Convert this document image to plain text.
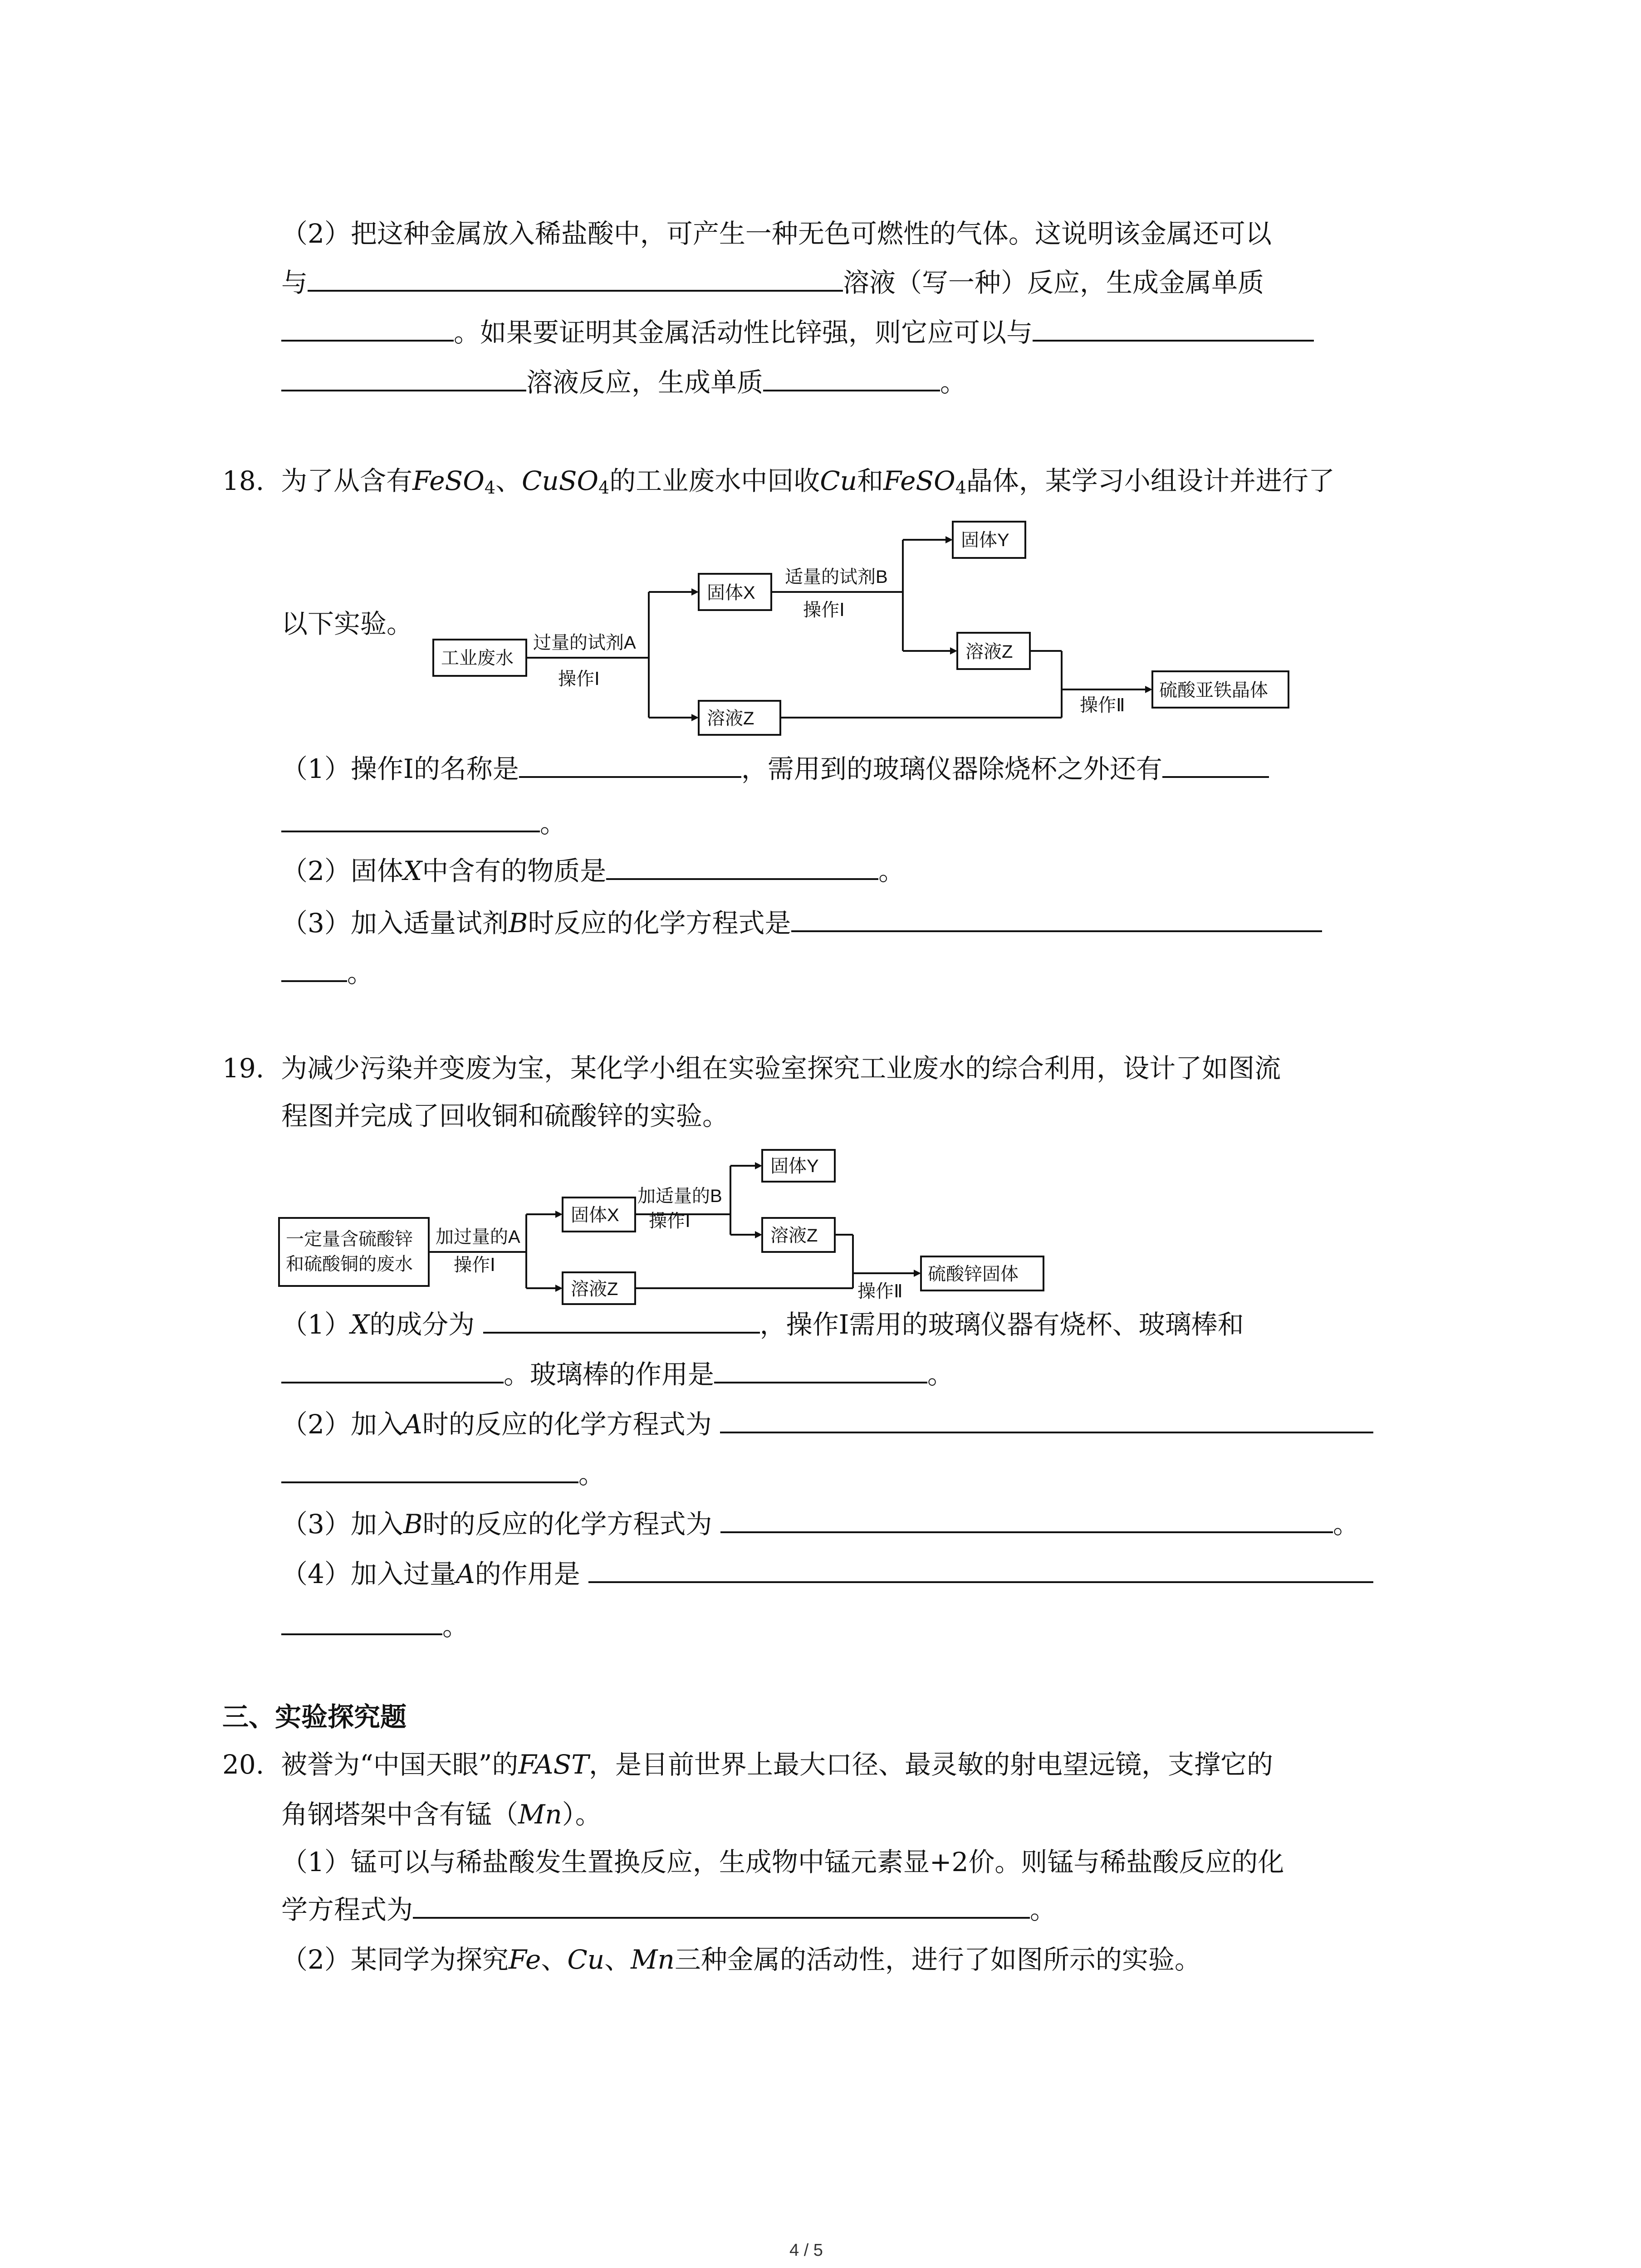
（2）把这种金属放入稀盐酸中，可产生一种无色可燃性的气体。这说明该金属还可以
与	溶液（写一种）反应，生成金属单质
。如果要证明其金属活动性比锌强，则它应可以与
溶液反应，生成单质	。
18. 为了从含有FeSO$_4$、CuSO$_4$的工业废水中回收Cu和FeSO$_4$晶体，某学习小组设计并进行了
以下实验。
工业废水
过量的试剂A
操作Ⅰ
固体X
适量的试剂B
操作Ⅰ
固体Y
溶液Z
溶液Z
操作Ⅱ
硫酸亚铁晶体
（1）操作Ⅰ的名称是	，需用到的玻璃仪器除烧杯之外还有
。
（2）固体X中含有的物质是	。
（3）加入适量试剂B时反应的化学方程式是
。
19. 为减少污染并变废为宝，某化学小组在实验室探究工业废水的综合利用，设计了如图流
程图并完成了回收铜和硫酸锌的实验。
一定量含硫酸锌
和硫酸铜的废水
加过量的A
操作Ⅰ
固体X
加适量的B
操作Ⅰ
固体Y
溶液Z
溶液Z	操作Ⅱ
硫酸锌固体
（1）X的成分为	，操作Ⅰ需用的玻璃仪器有烧杯、玻璃棒和
。玻璃棒的作用是	。
（2）加入A时的反应的化学方程式为
。
（3）加入B时的反应的化学方程式为	。
（4）加入过量A的作用是
。
三、实验探究题
20. 被誉为“中国天眼”的FAST，是目前世界上最大口径、最灵敏的射电望远镜，支撑它的
角钢塔架中含有锰（Mn）。
（1）锰可以与稀盐酸发生置换反应，生成物中锰元素显+2价。则锰与稀盐酸反应的化
学方程式为	。
（2）某同学为探究Fe、Cu、Mn三种金属的活动性，进行了如图所示的实验。
4 / 5
